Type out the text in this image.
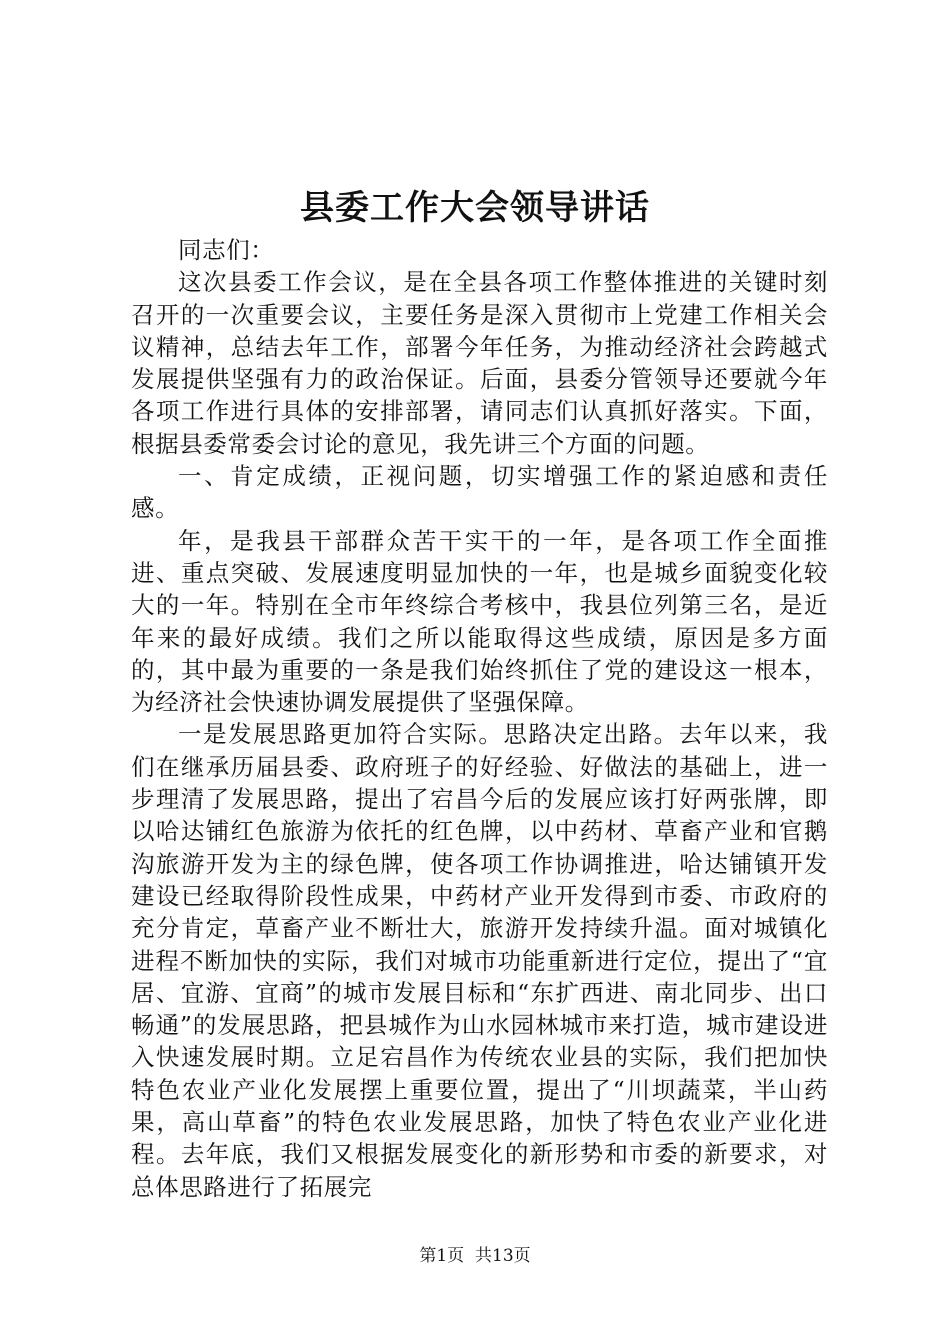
县委工作大会领导讲话

同志们：

这次县委工作会议，是在全县各项工作整体推进的关键时刻召开的一次重要会议，主要任务是深入贯彻市上党建工作相关会议精神，总结去年工作，部署今年任务，为推动经济社会跨越式发展提供坚强有力的政治保证。后面，县委分管领导还要就今年各项工作进行具体的安排部署，请同志们认真抓好落实。下面，根据县委常委会讨论的意见，我先讲三个方面的问题。

一、肯定成绩，正视问题，切实增强工作的紧迫感和责任感。

年，是我县干部群众苦干实干的一年，是各项工作全面推进、重点突破、发展速度明显加快的一年，也是城乡面貌变化较大的一年。特别在全市年终综合考核中，我县位列第三名，是近年来的最好成绩。我们之所以能取得这些成绩，原因是多方面的，其中最为重要的一条是我们始终抓住了党的建设这一根本，为经济社会快速协调发展提供了坚强保障。

一是发展思路更加符合实际。思路决定出路。去年以来，我们在继承历届县委、政府班子的好经验、好做法的基础上，进一步理清了发展思路，提出了宕昌今后的发展应该打好两张牌，即以哈达铺红色旅游为依托的红色牌，以中药材、草畜产业和官鹅沟旅游开发为主的绿色牌，使各项工作协调推进，哈达铺镇开发建设已经取得阶段性成果，中药材产业开发得到市委、市政府的充分肯定，草畜产业不断壮大，旅游开发持续升温。面对城镇化进程不断加快的实际，我们对城市功能重新进行定位，提出了“宜居、宜游、宜商”的城市发展目标和“东扩西进、南北同步、出口畅通”的发展思路，把县城作为山水园林城市来打造，城市建设进入快速发展时期。立足宕昌作为传统农业县的实际，我们把加快特色农业产业化发展摆上重要位置，提出了“川坝蔬菜，半山药果，高山草畜”的特色农业发展思路，加快了特色农业产业化进程。去年底，我们又根据发展变化的新形势和市委的新要求，对总体思路进行了拓展完

第1页 共13页
